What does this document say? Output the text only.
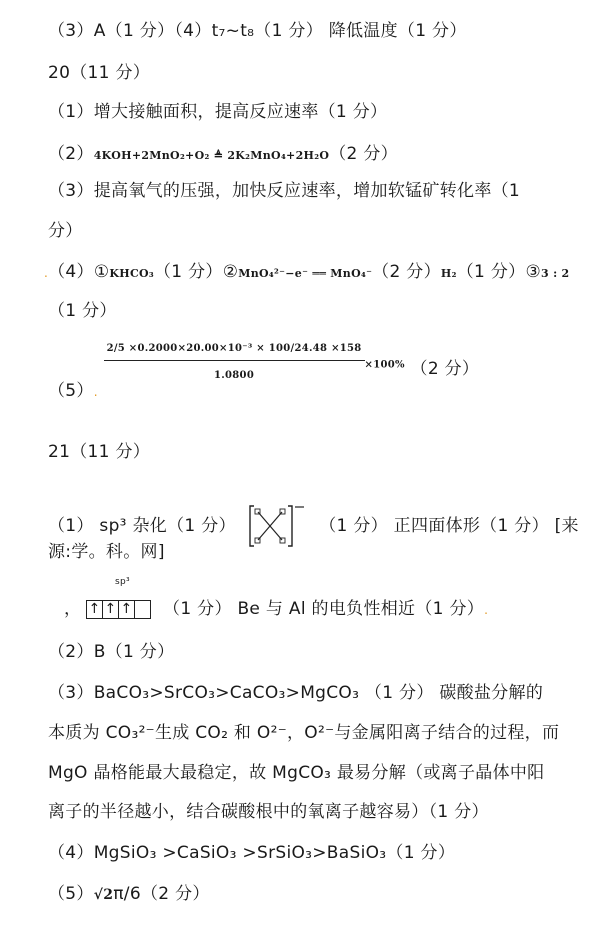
（3）A（1 分）（4）t₇~t₈（1 分） 降低温度（1 分）
20（11 分）
（1）增大接触面积，提高反应速率（1 分）
（2）4KOH+2MnO₂+O₂ ≜ 2K₂MnO₄+2H₂O（2 分）
（3）提高氧气的压强，加快反应速率，增加软锰矿转化率（1
分）
.（4）①KHCO₃（1 分）②MnO₄²⁻−e⁻ ══ MnO₄⁻（2 分）H₂（1 分）③3 : 2
（1 分）
$(5)_.$
$\frac{\text{2/5 ×0.2000×20.00×10⁻³ × 100/24.48 ×158}}{1.0800} \times 100\%$ （2 分）
21（11 分）
（1） sp³ 杂化（1 分）	（1 分） 正四面体形（1 分） [来
源:学。科。网]
sp³
， ↑ ↑ ↑ （1 分） Be 与 Al 的电负性相近（1 分）.
（2）B（1 分）
（3）BaCO₃>SrCO₃>CaCO₃>MgCO₃ （1 分） 碳酸盐分解的
本质为 CO₃²⁻生成 CO₂ 和 O²⁻，O²⁻与金属阳离子结合的过程，而
MgO 晶格能最大最稳定，故 MgCO₃ 最易分解（或离子晶体中阳
离子的半径越小，结合碳酸根中的氧离子越容易）（1 分）
（4）MgSiO₃ >CaSiO₃ >SrSiO₃>BaSiO₃（1 分）
（5）√2π/6（2 分）
